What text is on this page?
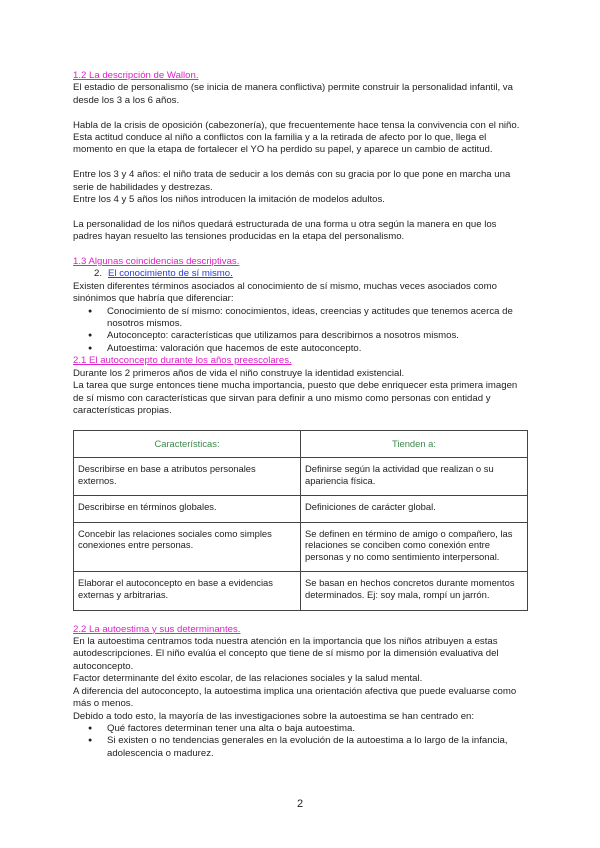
1.2 La descripción de Wallon.

El estadio de personalismo (se inicia de manera conflictiva) permite construir la personalidad infantil, va desde los 3 a los 6 años.

Habla de la crisis de oposición (cabezonería), que frecuentemente hace tensa la convivencia con el niño. Esta actitud conduce al niño a conflictos con la familia y a la retirada de afecto por lo que, llega el momento en que la etapa de fortalecer el YO ha perdido su papel, y aparece un cambio de actitud.

Entre los 3 y 4 años: el niño trata de seducir a los demás con su gracia por lo que pone en marcha una serie de habilidades y destrezas.

Entre los 4 y 5 años los niños introducen la imitación de modelos adultos.

La personalidad de los niños quedará estructurada de una forma u otra según la manera en que los padres hayan resuelto las tensiones producidas en la etapa del personalismo.

1.3 Algunas coincidencias descriptivas.

2. El conocimiento de sí mismo.

Existen diferentes términos asociados al conocimiento de sí mismo, muchas veces asociados como sinónimos que habría que diferenciar:

● Conocimiento de sí mismo: conocimientos, ideas, creencias y actitudes que tenemos acerca de nosotros mismos.
● Autoconcepto: características que utilizamos para describirnos a nosotros mismos.
● Autoestima: valoración que hacemos de este autoconcepto.

2.1 El autoconcepto durante los años preescolares.

Durante los 2 primeros años de vida el niño construye la identidad existencial.

La tarea que surge entonces tiene mucha importancia, puesto que debe enriquecer esta primera imagen de sí mismo con características que sirvan para definir a uno mismo como personas con entidad y características propias.

Características:	Tienden a:
Describirse en base a atributos personales externos.	Definirse según la actividad que realizan o su apariencia física.
Describirse en términos globales.	Definiciones de carácter global.
Concebir las relaciones sociales como simples conexiones entre personas.	Se definen en término de amigo o compañero, las relaciones se conciben como conexión entre personas y no como sentimiento interpersonal.
Elaborar el autoconcepto en base a evidencias externas y arbitrarias.	Se basan en hechos concretos durante momentos determinados. Ej: soy mala, rompí un jarrón.

2.2 La autoestima y sus determinantes.

En la autoestima centramos toda nuestra atención en la importancia que los niños atribuyen a estas autodescripciones. El niño evalúa el concepto que tiene de sí mismo por la dimensión evaluativa del autoconcepto.

Factor determinante del éxito escolar, de las relaciones sociales y la salud mental.

A diferencia del autoconcepto, la autoestima implica una orientación afectiva que puede evaluarse como más o menos.

Debido a todo esto, la mayoría de las investigaciones sobre la autoestima se han centrado en:

● Qué factores determinan tener una alta o baja autoestima.
● Si existen o no tendencias generales en la evolución de la autoestima a lo largo de la infancia, adolescencia o madurez.
2
